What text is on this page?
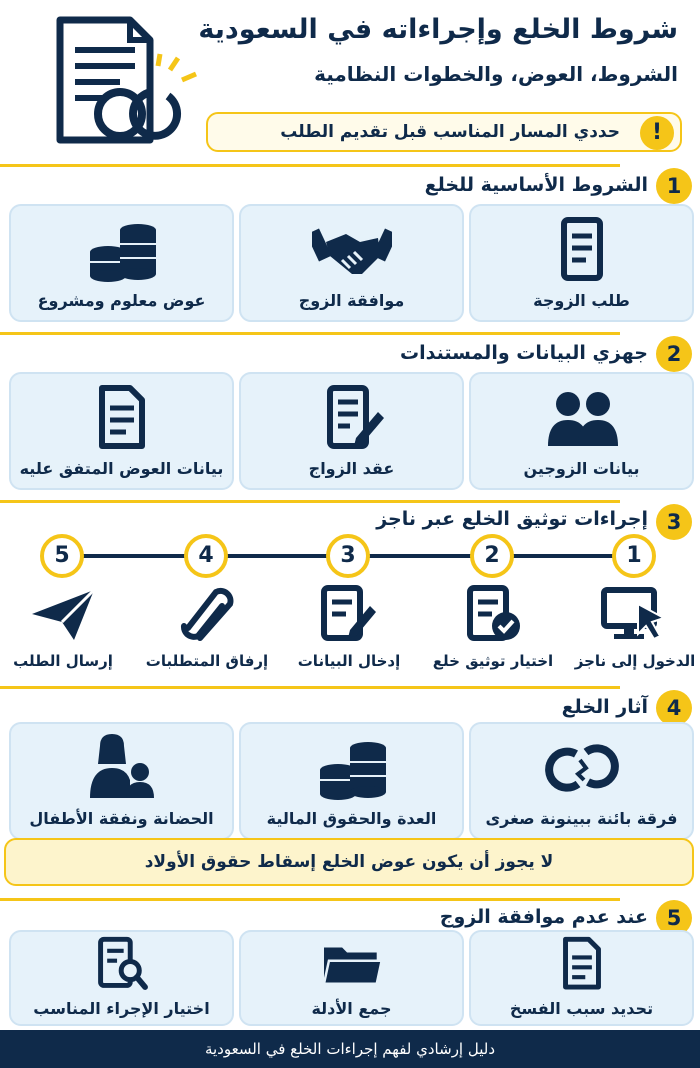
شروط الخلع وإجراءاته في السعودية
الشروط، العوض، والخطوات النظامية
!
حددي المسار المناسب قبل تقديم الطلب
1
الشروط الأساسية للخلع
طلب الزوجة
موافقة الزوج
عوض معلوم ومشروع
2
جهزي البيانات والمستندات
بيانات الزوجين
عقد الزواج
بيانات العوض المتفق عليه
3
إجراءات توثيق الخلع عبر ناجز
1
2
3
4
5
الدخول إلى ناجز
اختيار توثيق خلع
إدخال البيانات
إرفاق المتطلبات
إرسال الطلب
4
آثار الخلع
فرقة بائنة ببينونة صغرى
العدة والحقوق المالية
الحضانة ونفقة الأطفال
لا يجوز أن يكون عوض الخلع إسقاط حقوق الأولاد
5
عند عدم موافقة الزوج
تحديد سبب الفسخ
جمع الأدلة
اختيار الإجراء المناسب
دليل إرشادي لفهم إجراءات الخلع في السعودية
